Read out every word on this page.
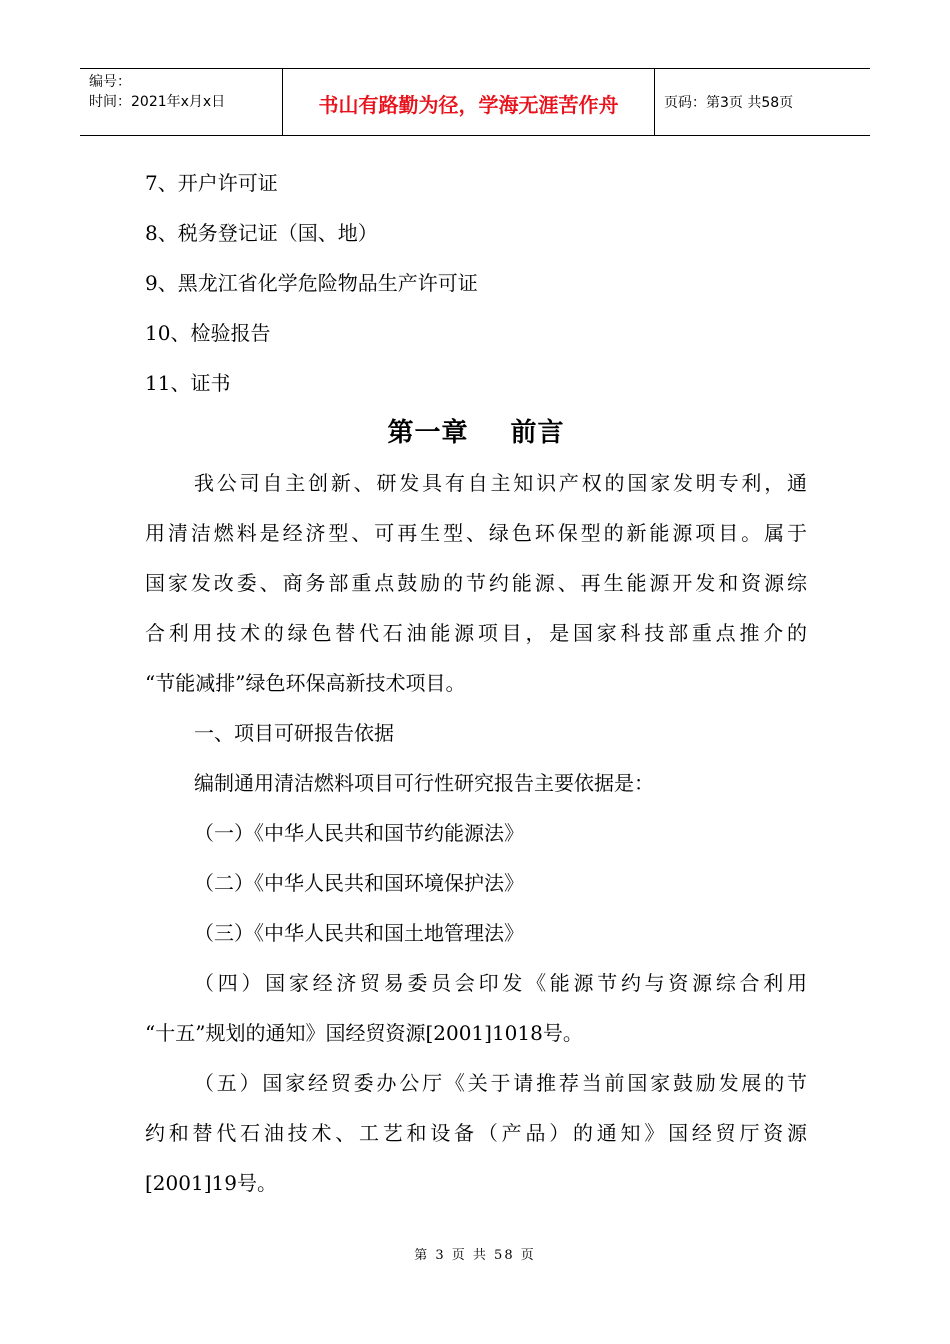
编号：
时间：2021年x月x日	书山有路勤为径，学海无涯苦作舟	页码：第3页 共58页
7、开户许可证
8、税务登记证（国、地）
9、黑龙江省化学危险物品生产许可证
10、检验报告
11、证书
第一章 前言
我公司自主创新、研发具有自主知识产权的国家发明专利，通
用清洁燃料是经济型、可再生型、绿色环保型的新能源项目。属于
国家发改委、商务部重点鼓励的节约能源、再生能源开发和资源综
合利用技术的绿色替代石油能源项目，是国家科技部重点推介的
“节能减排”绿色环保高新技术项目。
一、项目可研报告依据
编制通用清洁燃料项目可行性研究报告主要依据是：
（一）《中华人民共和国节约能源法》
（二）《中华人民共和国环境保护法》
（三）《中华人民共和国土地管理法》
（四）国家经济贸易委员会印发《能源节约与资源综合利用
“十五”规划的通知》国经贸资源[2001]1018号。
（五）国家经贸委办公厅《关于请推荐当前国家鼓励发展的节
约和替代石油技术、工艺和设备（产品）的通知》国经贸厅资源
[2001]19号。
第 3 页 共 58 页
